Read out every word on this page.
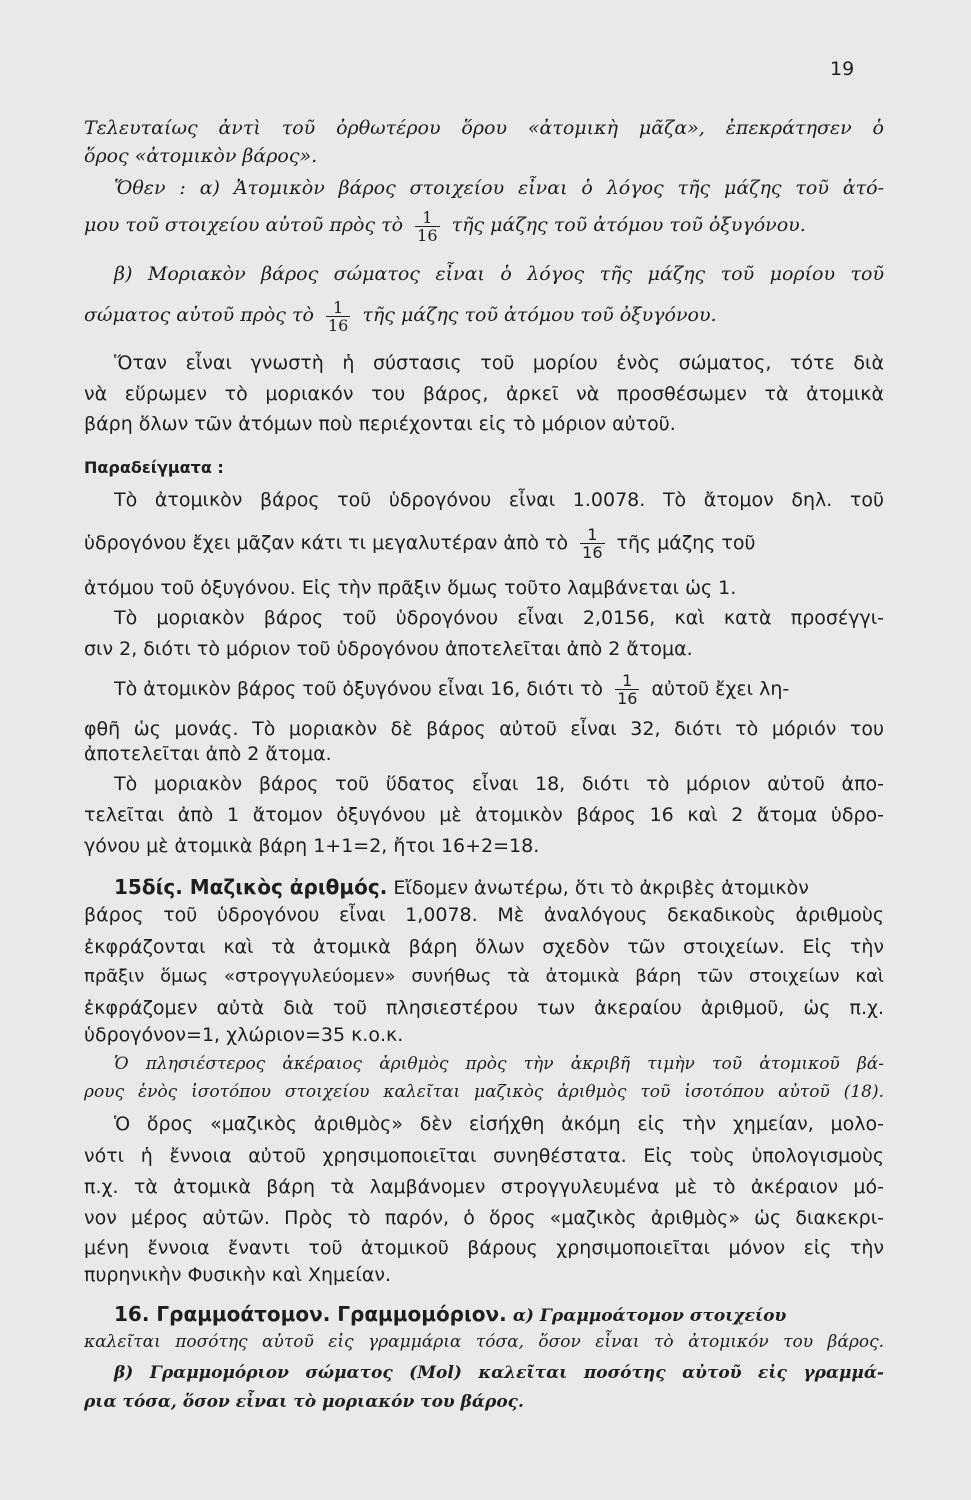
19
Τελευταίως ἀντὶ τοῦ ὀρθωτέρου ὅρου «ἀτομικὴ μᾶζα», ἐπεκράτησεν ὁ
ὅρος «ἀτομικὸν βάρος».
Ὅθεν : α) Ἀτομικὸν βάρος στοιχείου εἶναι ὁ λόγος τῆς μάζης τοῦ ἀτό-
μου τοῦ στοιχείου αὐτοῦ πρὸς τὸ $\frac{1}{16}$ τῆς μάζης τοῦ ἀτόμου τοῦ ὀξυγόνου.
β) Μοριακὸν βάρος σώματος εἶναι ὁ λόγος τῆς μάζης τοῦ μορίου τοῦ
σώματος αὐτοῦ πρὸς τὸ $\frac{1}{16}$ τῆς μάζης τοῦ ἀτόμου τοῦ ὀξυγόνου.
Ὅταν εἶναι γνωστὴ ἡ σύστασις τοῦ μορίου ἑνὸς σώματος, τότε διὰ
νὰ εὕρωμεν τὸ μοριακόν του βάρος, ἀρκεῖ νὰ προσθέσωμεν τὰ ἀτομικὰ
βάρη ὅλων τῶν ἀτόμων ποὺ περιέχονται εἰς τὸ μόριον αὐτοῦ.
Παραδείγματα :
Τὸ ἀτομικὸν βάρος τοῦ ὑδρογόνου εἶναι 1.0078. Τὸ ἄτομον δηλ. τοῦ
ὑδρογόνου ἔχει μᾶζαν κάτι τι μεγαλυτέραν ἀπὸ τὸ $\frac{1}{16}$ τῆς μάζης τοῦ
ἀτόμου τοῦ ὀξυγόνου. Εἰς τὴν πρᾶξιν ὅμως τοῦτο λαμβάνεται ὡς 1.
Τὸ μοριακὸν βάρος τοῦ ὑδρογόνου εἶναι 2,0156, καὶ κατὰ προσέγγι-
σιν 2, διότι τὸ μόριον τοῦ ὑδρογόνου ἀποτελεῖται ἀπὸ 2 ἄτομα.
Τὸ ἀτομικὸν βάρος τοῦ ὀξυγόνου εἶναι 16, διότι τὸ $\frac{1}{16}$ αὐτοῦ ἔχει λη-
φθῆ ὡς μονάς. Τὸ μοριακὸν δὲ βάρος αὐτοῦ εἶναι 32, διότι τὸ μόριόν του
ἀποτελεῖται ἀπὸ 2 ἄτομα.
Τὸ μοριακὸν βάρος τοῦ ὕδατος εἶναι 18, διότι τὸ μόριον αὐτοῦ ἀπο-
τελεῖται ἀπὸ 1 ἄτομον ὀξυγόνου μὲ ἀτομικὸν βάρος 16 καὶ 2 ἄτομα ὑδρο-
γόνου μὲ ἀτομικὰ βάρη 1+1=2, ἤτοι 16+2=18.
15δίς. Μαζικὸς ἀριθμός. Εἴδομεν ἀνωτέρω, ὅτι τὸ ἀκριβὲς ἀτομικὸν
βάρος τοῦ ὑδρογόνου εἶναι 1,0078. Μὲ ἀναλόγους δεκαδικοὺς ἀριθμοὺς
ἐκφράζονται καὶ τὰ ἀτομικὰ βάρη ὅλων σχεδὸν τῶν στοιχείων. Εἰς τὴν
πρᾶξιν ὅμως «στρογγυλεύομεν» συνήθως τὰ ἀτομικὰ βάρη τῶν στοιχείων καὶ
ἐκφράζομεν αὐτὰ διὰ τοῦ πλησιεστέρου των ἀκεραίου ἀριθμοῦ, ὡς π.χ.
ὑδρογόνον=1, χλώριον=35 κ.ο.κ.
Ὁ πλησιέστερος ἀκέραιος ἀριθμὸς πρὸς τὴν ἀκριβῆ τιμὴν τοῦ ἀτομικοῦ βά-
ρους ἑνὸς ἰσοτόπου στοιχείου καλεῖται μαζικὸς ἀριθμὸς τοῦ ἰσοτόπου αὐτοῦ (18).
Ὁ ὅρος «μαζικὸς ἀριθμὸς» δὲν εἰσήχθη ἀκόμη εἰς τὴν χημείαν, μολο-
νότι ἡ ἔννοια αὐτοῦ χρησιμοποιεῖται συνηθέστατα. Εἰς τοὺς ὑπολογισμοὺς
π.χ. τὰ ἀτομικὰ βάρη τὰ λαμβάνομεν στρογγυλευμένα μὲ τὸ ἀκέραιον μό-
νον μέρος αὐτῶν. Πρὸς τὸ παρόν, ὁ ὅρος «μαζικὸς ἀριθμὸς» ὡς διακεκρι-
μένη ἔννοια ἔναντι τοῦ ἀτομικοῦ βάρους χρησιμοποιεῖται μόνον εἰς τὴν
πυρηνικὴν Φυσικὴν καὶ Χημείαν.
16. Γραμμοάτομον. Γραμμομόριον. α) Γραμμοάτομον στοιχείου
καλεῖται ποσότης αὐτοῦ εἰς γραμμάρια τόσα, ὅσον εἶναι τὸ ἀτομικόν του βάρος.
β) Γραμμομόριον σώματος (Mol) καλεῖται ποσότης αὐτοῦ εἰς γραμμά-
ρια τόσα, ὅσον εἶναι τὸ μοριακόν του βάρος.
